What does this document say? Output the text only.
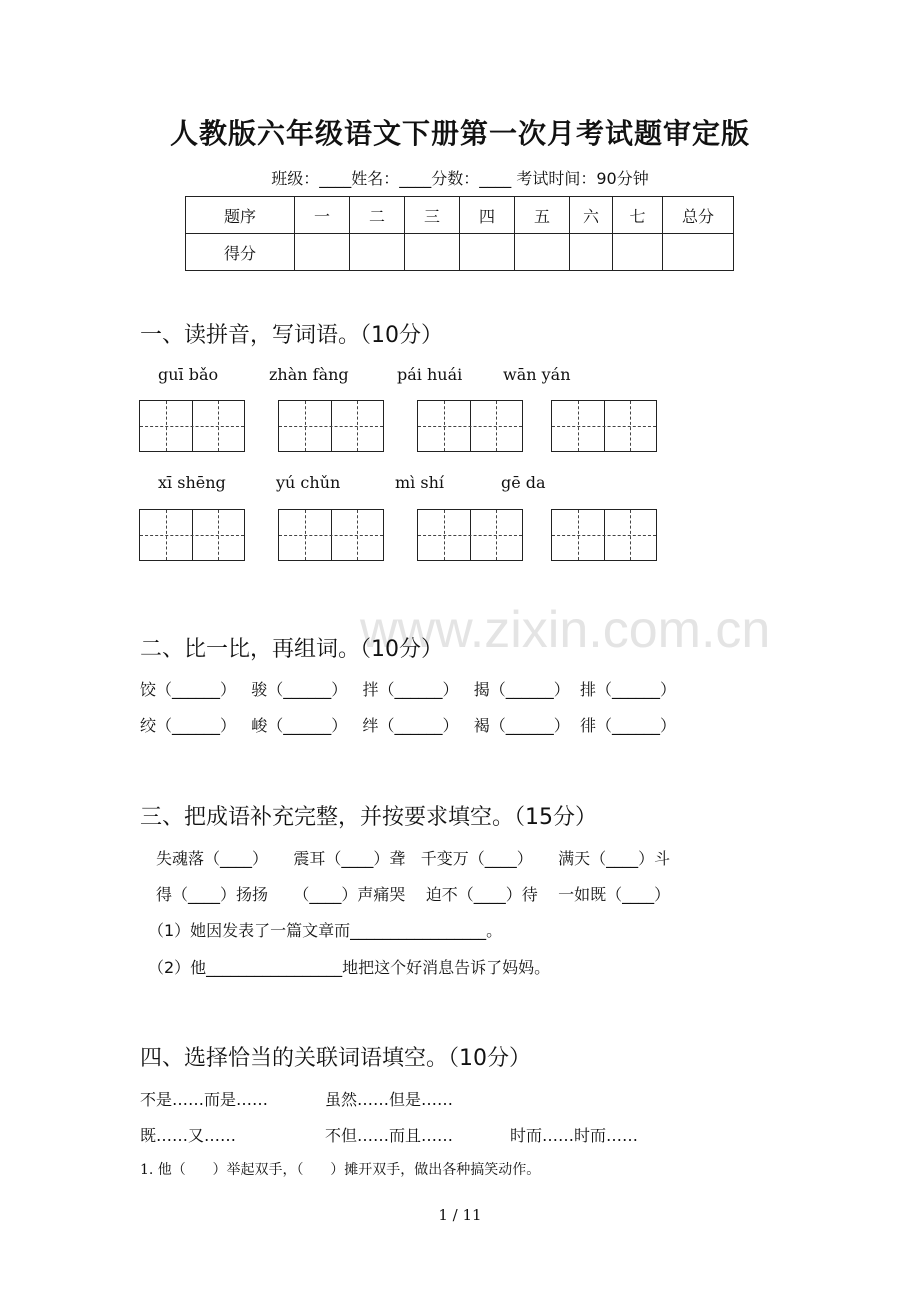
人教版六年级语文下册第一次月考试题审定版
班级：____姓名：____分数：____ 考试时间：90分钟
题序	一	二	三	四	五	六	七	总分
得分								
一、读拼音，写词语。（10分）
guī bǎo	zhàn fàng	pái huái	wān yán
xī shēng	yú chǔn	mì shí	gē da
www.zixin.com.cn
二、比一比，再组词。（10分）
饺（______）   骏（______）   拌（______）   揭（______）  排（______）
绞（______）   峻（______）   绊（______）   褐（______）  徘（______）
三、把成语补充完整，并按要求填空。（15分）
失魂落（____）     震耳（____）聋   千变万（____）     满天（____）斗
得（____）扬扬     （____）声痛哭    迫不（____）待    一如既（____）
（1）她因发表了一篇文章而_________________。
（2）他_________________地把这个好消息告诉了妈妈。
四、选择恰当的关联词语填空。（10分）
不是……而是……	虽然……但是……
既……又……	不但……而且……	时而……时而……
1. 他（      ）举起双手，（      ）摊开双手，做出各种搞笑动作。
1 / 11
